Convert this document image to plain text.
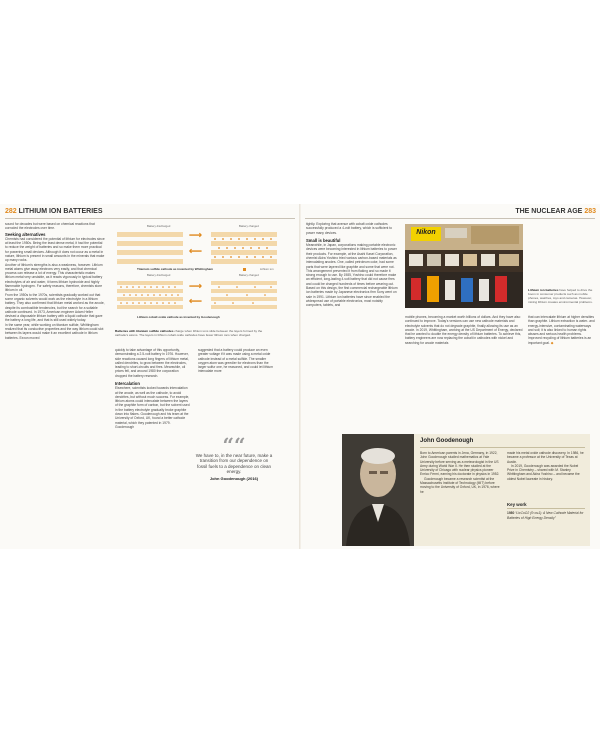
282 LITHIUM ION BATTERIES	THE NUCLEAR AGE 283

sound for decades but were based on chemical reactions that corroded the electrodes over time.

Seeking alternatives

Chemists had considered the potential of lithium for electrodes since at least the 1950s. Being the least dense metal, it had the potential to reduce the weight of batteries and so make them more practical for powering small devices. Although it does not occur as a metal in nature, lithium is present in small amounts in the minerals that make up many rocks.

Another of lithium's strengths is also a weakness, however. Lithium metal atoms give away electrons very easily, and that chemical process can release a lot of energy. This characteristic makes lithium metal very unstable, as it reacts vigorously in typical battery electrolytes of air and water, it forms lithium hydroxide and highly flammable hydrogen. For safety reasons, therefore, chemists store lithium in oil.

From the 1950s to the 1970s, scientists gradually worked out that some organic solvents would work as the electrolyte in a lithium battery. They also confirmed that lithium metal worked as the anode, despite its combustible tendencies, but the search for a suitable cathode continued. In 1973, American engineer Adam Heller devised a disposable lithium battery with a liquid cathode that gave the battery a long life, and that is still used widely today.

In the same year, while working on titanium sulfide, Whittingham realized that its conductive properties and the way lithium could slot between its layers would make it an excellent cathode in lithium batteries. Exxon moved

Battery discharged	Battery charged
Battery discharged	Battery charged
Lithium ion
⟶
⟵
⟶
⟵
Titanium sulfide cathode as invented by Whittingham
Lithium cobalt oxide cathode as invented by Goodenough
Batteries with titanium sulfide cathodes charge when lithium ions slide between the layers formed by the cathode's atoms. The layers in lithium cobalt oxide cathodes have fewer lithium ions when charged.

quickly to take advantage of this opportunity, demonstrating a 2.5-volt battery in 1976. However, side reactions caused long fingers of lithium metal, called dendrites, to grow between the electrodes, leading to short-circuits and fires. Meanwhile, oil prices fell, and around 1980 the corporation dropped the battery research.

Intercalation

Elsewhere, scientists looked towards intercalation at the anode, as well as the cathode, to avoid dendrites, but without much success. For example, lithium atoms could intercalate between the layers of the graphite form of carbon, but the solvent used in the battery electrolyte gradually broke graphite down into flakes. Goodenough and his team at the University of Oxford, UK, found a better cathode material, which they patented in 1979. Goodenough

suggested that a battery could produce an even greater voltage if it was made using a metal oxide cathode instead of a metal sulfide. The smaller oxygen atom was greedier for electrons than the larger sulfur one, he reasoned, and could let lithium intercalate more

““
We have to, in the near future, make a transition from our dependence on fossil fuels to a dependence on clean energy.
John Goodenough (2016)

tightly. Exploring that avenue with cobalt oxide cathodes successfully produced a 4-volt battery, which is sufficient to power many devices.

Small is beautiful

Meanwhile, in Japan, corporations making portable electronic devices were becoming interested in lithium batteries to power their products. For example, at the Asahi Kasei Corporation, chemist Akira Yoshino tried various carbon-based materials as intercalating anodes. One, called petroleum coke, had some parts that were layered like graphite and some that were not. This arrangement prevented it from flaking and so made it strong enough to use. By 1985, Yoshino could therefore make an efficient, long-lasting 4-volt battery that did not cause fires and could be charged hundreds of times before wearing out.

Based on this design, the first commercial rechargeable lithium ion batteries made by Japanese electronics firm Sony went on sale in 1991. Lithium ion batteries have since enabled the widespread use of portable electronics, most notably computers, tablets, and

Nikon
Lithium ion batteries have helped to drive the boom in consumer products such as mobile phones, watches, toys and cameras. However, mining lithium creates environmental problems.

mobile phones, becoming a market worth billions of dollars. And they have also continued to improve. Today's versions can use new cathode materials and electrolyte solvents that do not degrade graphite, finally allowing its use as an anode. In 2019, Whittingham, working at the US Department of Energy, declared that he wanted to double the energy density of lithium batteries. To achieve this, battery engineers are now replacing the cobalt in cathodes with nickel and searching for anode materials

that can intercalate lithium at higher densities than graphite. Lithium extraction is water- and energy-intensive, contaminating waterways and soil; it is also linked to human rights abuses and serious health problems. Improved recycling of lithium batteries is an important goal. ◆

John Goodenough

Born to American parents in Jena, Germany, in 1922, John Goodenough studied mathematics at Yale University before serving as a meteorologist in the US Army during World War II. He then studied at the University of Chicago with nuclear physics pioneer Enrico Fermi, earning his doctorate in physics in 1952.

Goodenough became a research scientist at the Massachusetts Institute of Technology (MIT) before moving to the University of Oxford, UK, in 1976, where he

made his metal oxide cathode discovery. In 1986, he became a professor at the University of Texas at Austin.

In 2019, Goodenough was awarded the Nobel Prize in Chemistry – shared with M. Stanley Whittingham and Akira Yoshino – and became the oldest Nobel laureate in history.

Key work

1980 “LixCoO2 (0<x≤1): A New Cathode Material for Batteries of High Energy Density”
